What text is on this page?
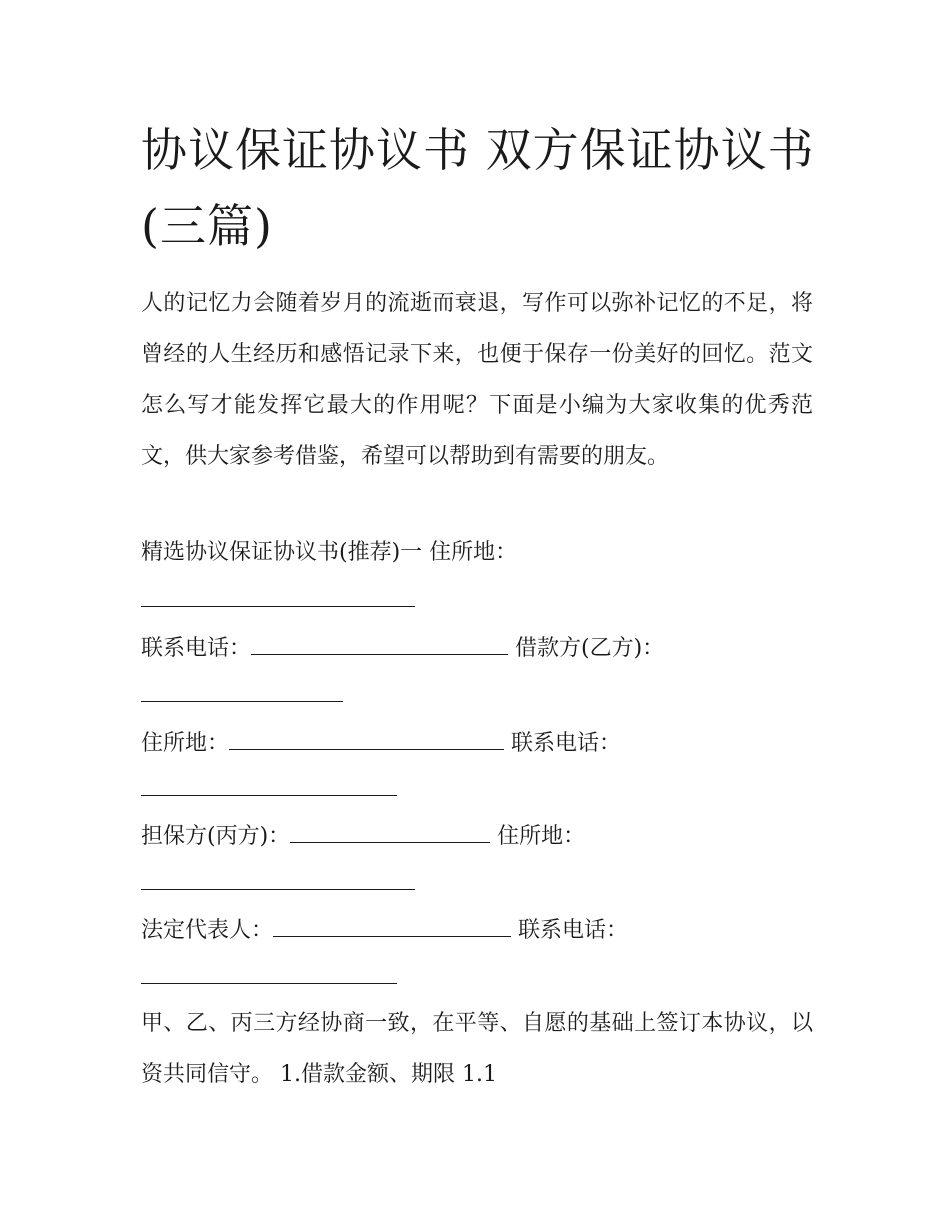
协议保证协议书 双方保证协议书(三篇)

人的记忆力会随着岁月的流逝而衰退，写作可以弥补记忆的不足，将曾经的人生经历和感悟记录下来，也便于保存一份美好的回忆。范文怎么写才能发挥它最大的作用呢？下面是小编为大家收集的优秀范文，供大家参考借鉴，希望可以帮助到有需要的朋友。

精选协议保证协议书(推荐)一 住所地：

联系电话：	借款方(乙方)：

住所地：	联系电话：

担保方(丙方)：	住所地：

法定代表人：	联系电话：

甲、乙、丙三方经协商一致，在平等、自愿的基础上签订本协议，以资共同信守。 1.借款金额、期限 1.1
